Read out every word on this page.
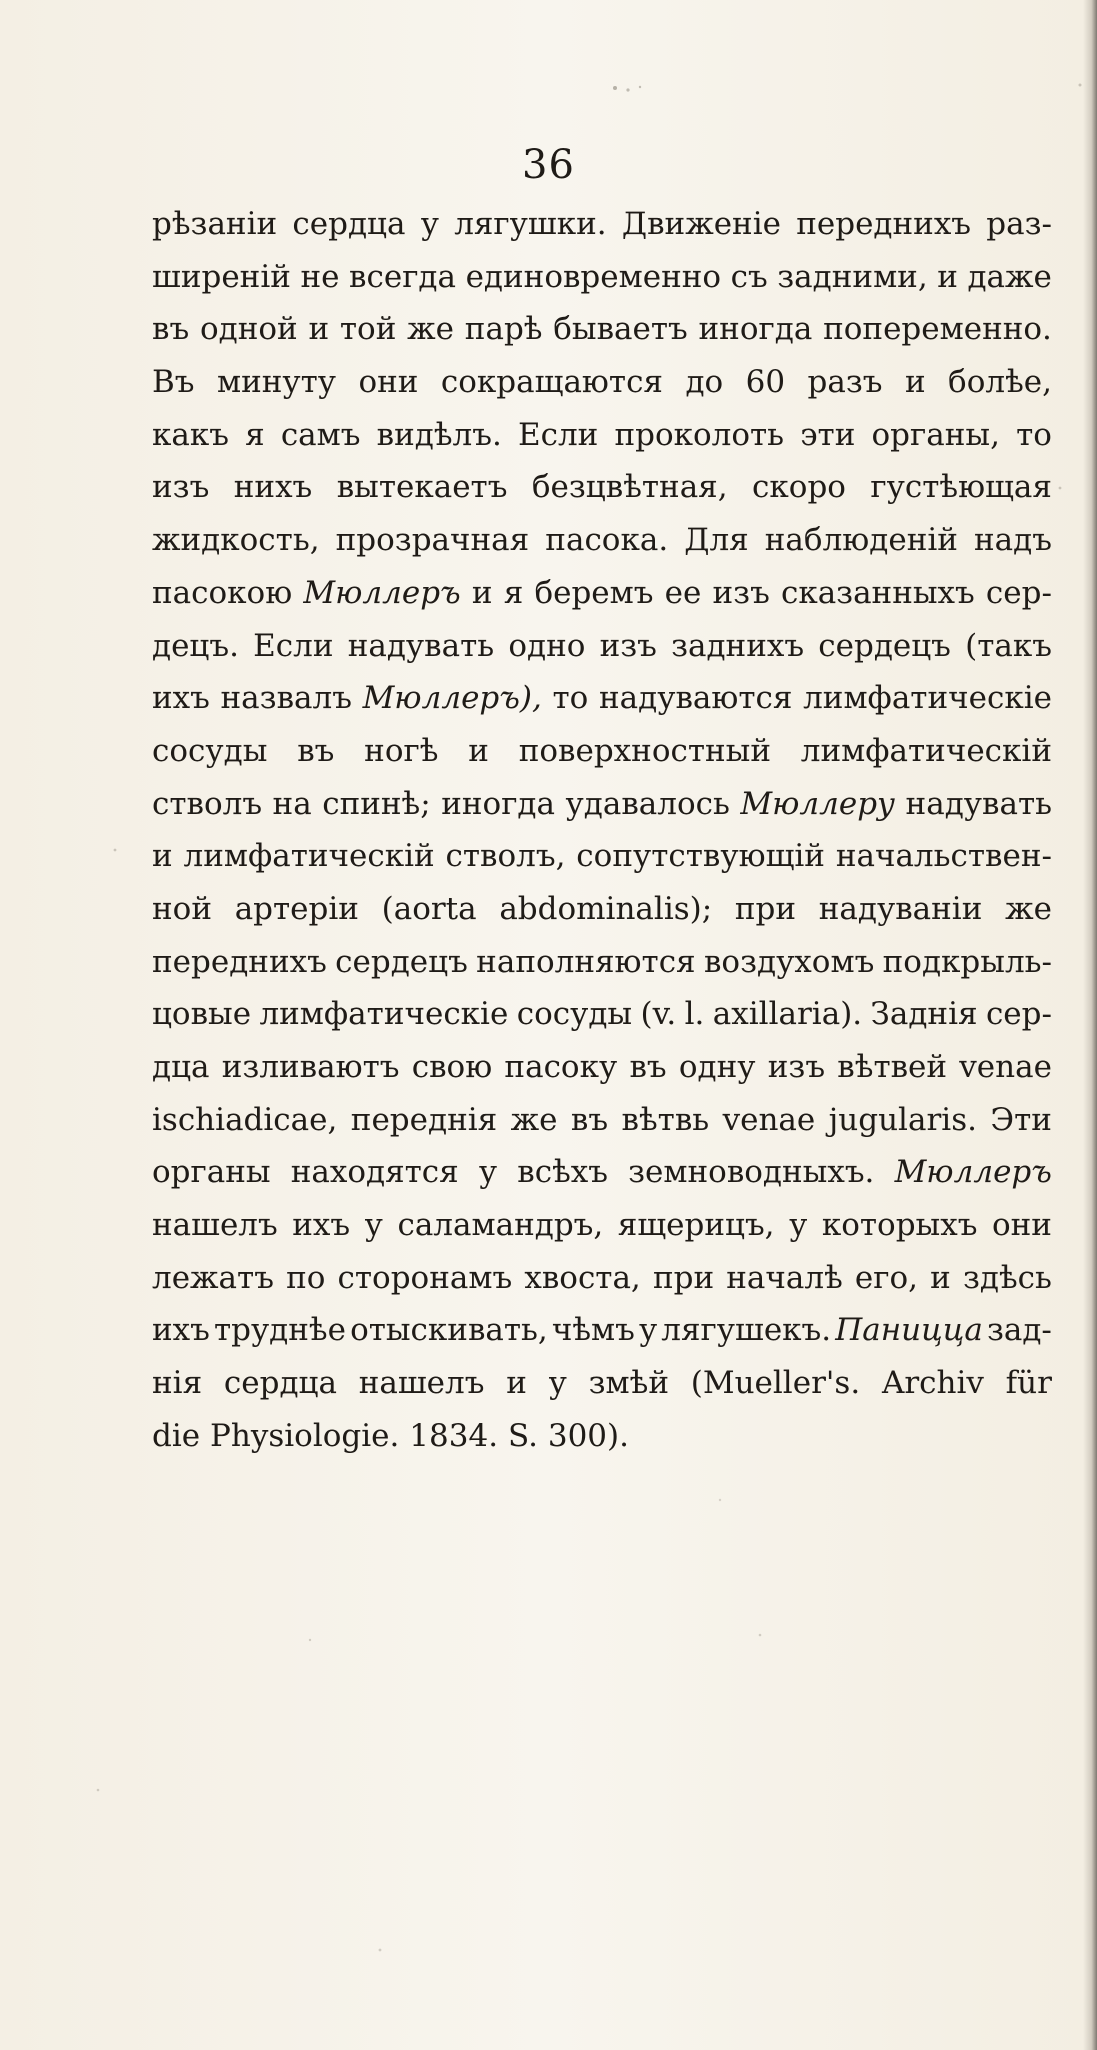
36
рѣзаніи сердца у лягушки. Движеніе переднихъ раз-
ширеній не всегда единовременно съ задними, и даже
въ одной и той же парѣ бываетъ иногда попеременно.
Въ минуту они сокращаются до 60 разъ и болѣе,
какъ я самъ видѣлъ. Если проколоть эти органы, то
изъ нихъ вытекаетъ безцвѣтная, скоро густѣющая
жидкость, прозрачная пасока. Для наблюденій надъ
пасокою Мюллеръ и я беремъ ее изъ сказанныхъ сер-
децъ. Если надувать одно изъ заднихъ сердецъ (такъ
ихъ назвалъ Мюллеръ), то надуваются лимфатическіе
сосуды въ ногѣ и поверхностный лимфатическій
стволъ на спинѣ; иногда удавалось Мюллеру надувать
и лимфатическій стволъ, сопутствующій начальствен-
ной артеріи (aorta abdominalis); при надуваніи же
переднихъ сердецъ наполняются воздухомъ подкрыль-
цовые лимфатическіе сосуды (v. l. axillaria). Заднія сер-
дца изливаютъ свою пасоку въ одну изъ вѣтвей venae
ischiadicae, переднія же въ вѣтвь venae jugularis. Эти
органы находятся у всѣхъ земноводныхъ. Мюллеръ
нашелъ ихъ у саламандръ, ящерицъ, у которыхъ они
лежатъ по сторонамъ хвоста, при началѣ его, и здѣсь
ихъ труднѣе отыскивать, чѣмъ у лягушекъ. Паницца зад-
нія сердца нашелъ и у змѣй (Mueller's. Archiv für
die Physiologie. 1834. S. 300).
